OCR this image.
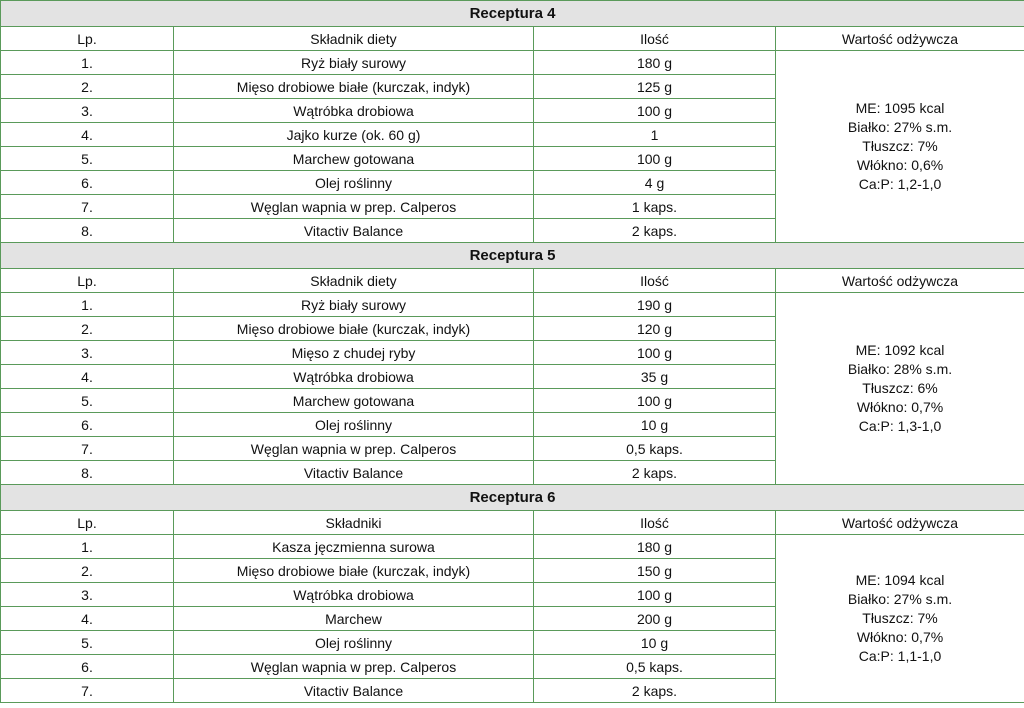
Receptura 4			
Lp.	Składnik diety	Ilość	Wartość odżywcza
1.	Ryż biały surowy	180 g	ME: 1095 kcal
Białko: 27% s.m.
Tłuszcz: 7%
Włókno: 0,6%
Ca:P: 1,2-1,0

2.	Mięso drobiowe białe (kurczak, indyk)	125 g	
3.	Wątróbka drobiowa	100 g	
4.	Jajko kurze (ok. 60 g)	1	
5.	Marchew gotowana	100 g	
6.	Olej roślinny	4 g	
7.	Węglan wapnia w prep. Calperos	1 kaps.	
8.	Vitactiv Balance	2 kaps.	
Receptura 5			
Lp.	Składnik diety	Ilość	Wartość odżywcza
1.	Ryż biały surowy	190 g	ME: 1092 kcal
Białko: 28% s.m.
Tłuszcz: 6%
Włókno: 0,7%
Ca:P: 1,3-1,0

2.	Mięso drobiowe białe (kurczak, indyk)	120 g	
3.	Mięso z chudej ryby	100 g	
4.	Wątróbka drobiowa	35 g	
5.	Marchew gotowana	100 g	
6.	Olej roślinny	10 g	
7.	Węglan wapnia w prep. Calperos	0,5 kaps.	
8.	Vitactiv Balance	2 kaps.	
Receptura 6			
Lp.	Składniki	Ilość	Wartość odżywcza
1.	Kasza jęczmienna surowa	180 g	ME: 1094 kcal
Białko: 27% s.m.
Tłuszcz: 7%
Włókno: 0,7%
Ca:P: 1,1-1,0

2.	Mięso drobiowe białe (kurczak, indyk)	150 g	
3.	Wątróbka drobiowa	100 g	
4.	Marchew	200 g	
5.	Olej roślinny	10 g	
6.	Węglan wapnia w prep. Calperos	0,5 kaps.	
7.	Vitactiv Balance	2 kaps.	
